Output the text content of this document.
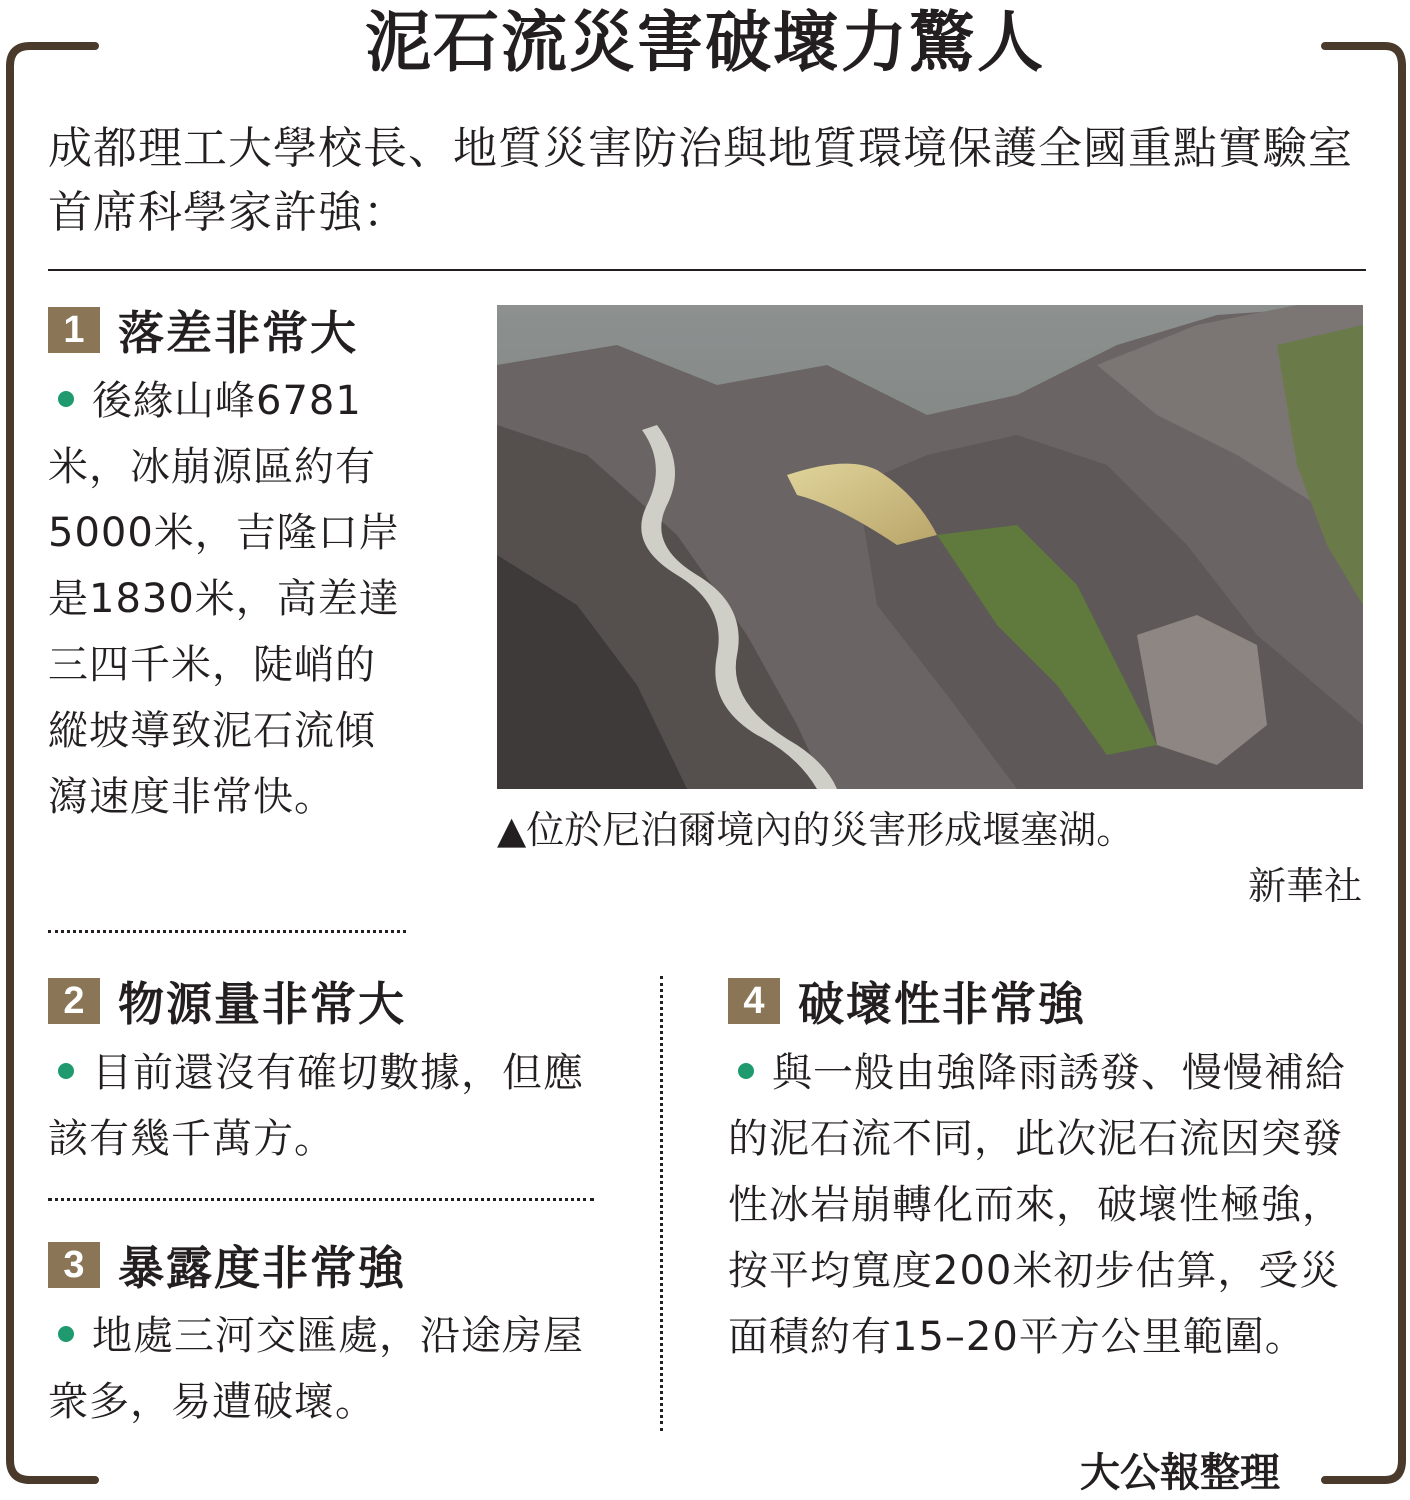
泥石流災害破壞力驚人
成都理工大學校長、地質災害防治與地質環境保護全國重點實驗室首席科學家許強：
1 落差非常大
後緣山峰6781米，冰崩源區約有5000米，吉隆口岸是1830米，高差達三四千米，陡峭的縱坡導致泥石流傾瀉速度非常快。
▲位於尼泊爾境內的災害形成堰塞湖。
新華社
2 物源量非常大
目前還沒有確切數據，但應該有幾千萬方。
3 暴露度非常強
地處三河交匯處，沿途房屋衆多，易遭破壞。
4 破壞性非常強
與一般由強降雨誘發、慢慢補給的泥石流不同，此次泥石流因突發性冰岩崩轉化而來，破壞性極強，按平均寬度200米初步估算，受災面積約有15–20平方公里範圍。
大公報整理
